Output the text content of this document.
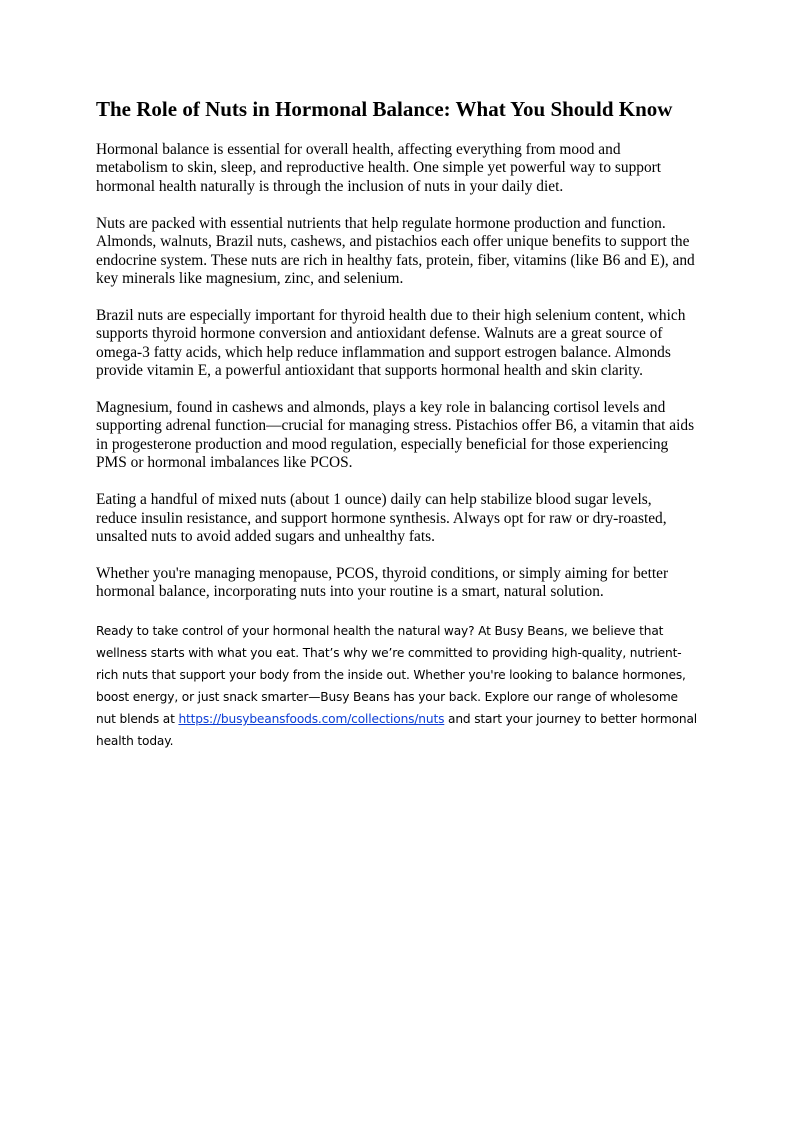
The Role of Nuts in Hormonal Balance: What You Should Know

Hormonal balance is essential for overall health, affecting everything from mood and metabolism to skin, sleep, and reproductive health. One simple yet powerful way to support hormonal health naturally is through the inclusion of nuts in your daily diet.

Nuts are packed with essential nutrients that help regulate hormone production and function. Almonds, walnuts, Brazil nuts, cashews, and pistachios each offer unique benefits to support the endocrine system. These nuts are rich in healthy fats, protein, fiber, vitamins (like B6 and E), and key minerals like magnesium, zinc, and selenium.

Brazil nuts are especially important for thyroid health due to their high selenium content, which supports thyroid hormone conversion and antioxidant defense. Walnuts are a great source of omega-3 fatty acids, which help reduce inflammation and support estrogen balance. Almonds provide vitamin E, a powerful antioxidant that supports hormonal health and skin clarity.

Magnesium, found in cashews and almonds, plays a key role in balancing cortisol levels and supporting adrenal function—crucial for managing stress. Pistachios offer B6, a vitamin that aids in progesterone production and mood regulation, especially beneficial for those experiencing PMS or hormonal imbalances like PCOS.

Eating a handful of mixed nuts (about 1 ounce) daily can help stabilize blood sugar levels, reduce insulin resistance, and support hormone synthesis. Always opt for raw or dry-roasted, unsalted nuts to avoid added sugars and unhealthy fats.

Whether you're managing menopause, PCOS, thyroid conditions, or simply aiming for better hormonal balance, incorporating nuts into your routine is a smart, natural solution.

Ready to take control of your hormonal health the natural way? At Busy Beans, we believe that wellness starts with what you eat. That’s why we’re committed to providing high-quality, nutrient-rich nuts that support your body from the inside out. Whether you're looking to balance hormones, boost energy, or just snack smarter—Busy Beans has your back. Explore our range of wholesome nut blends at https://busybeansfoods.com/collections/nuts and start your journey to better hormonal health today.
